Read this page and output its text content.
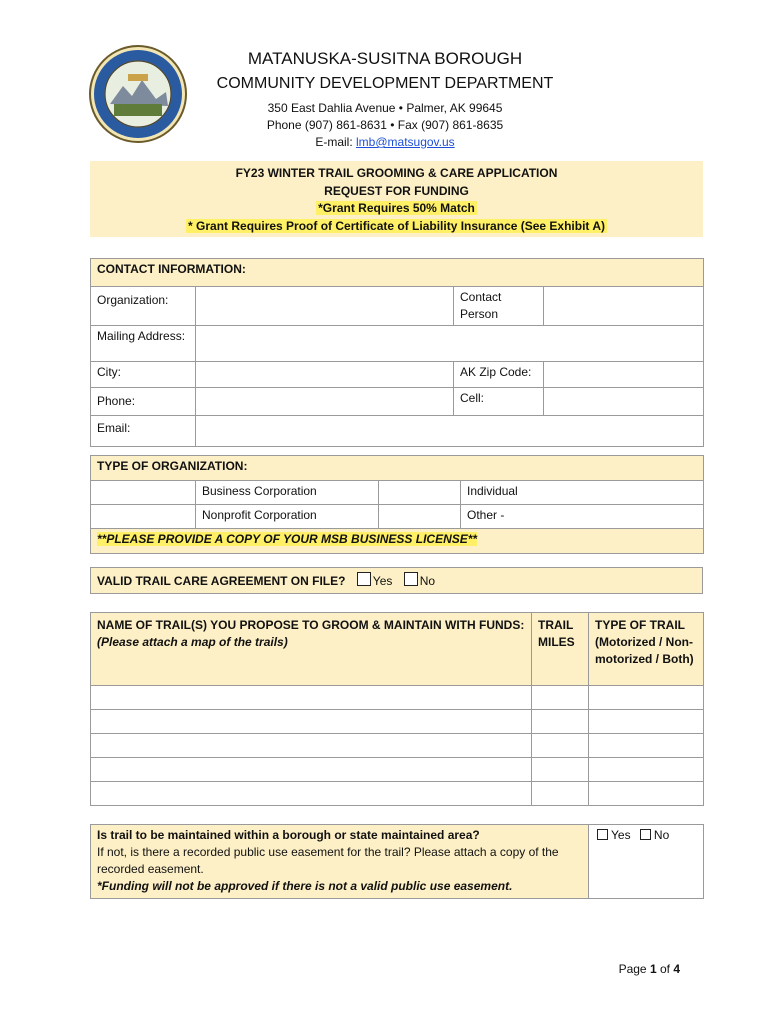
MATANUSKA-SUSITNA BOROUGH

COMMUNITY DEVELOPMENT DEPARTMENT

350 East Dahlia Avenue • Palmer, AK 99645
Phone (907) 861-8631 • Fax (907) 861-8635
E-mail: lmb@matsugov.us
FY23 WINTER TRAIL GROOMING & CARE APPLICATION
REQUEST FOR FUNDING
*Grant Requires 50% Match
* Grant Requires Proof of Certificate of Liability Insurance (See Exhibit A)
CONTACT INFORMATION:			
Organization:		Contact Person	
Mailing Address:			
City:		AK Zip Code:	
Phone:		Cell:	
Email:			
TYPE OF ORGANIZATION:			
	Business Corporation		Individual
	Nonprofit Corporation		Other -
**PLEASE PROVIDE A COPY OF YOUR MSB BUSINESS LICENSE**			
VALID TRAIL CARE AGREEMENT ON FILE? Yes No
NAME OF TRAIL(S) YOU PROPOSE TO GROOM & MAINTAIN WITH FUNDS:
(Please attach a map of the trails)	TRAIL MILES	TYPE OF TRAIL (Motorized / Non-motorized / Both)

Is trail to be maintained within a borough or state maintained area?
If not, is there a recorded public use easement for the trail? Please attach a copy of the recorded easement.
*Funding will not be approved if there is not a valid public use easement.
	Yes No
Page 1 of 4
